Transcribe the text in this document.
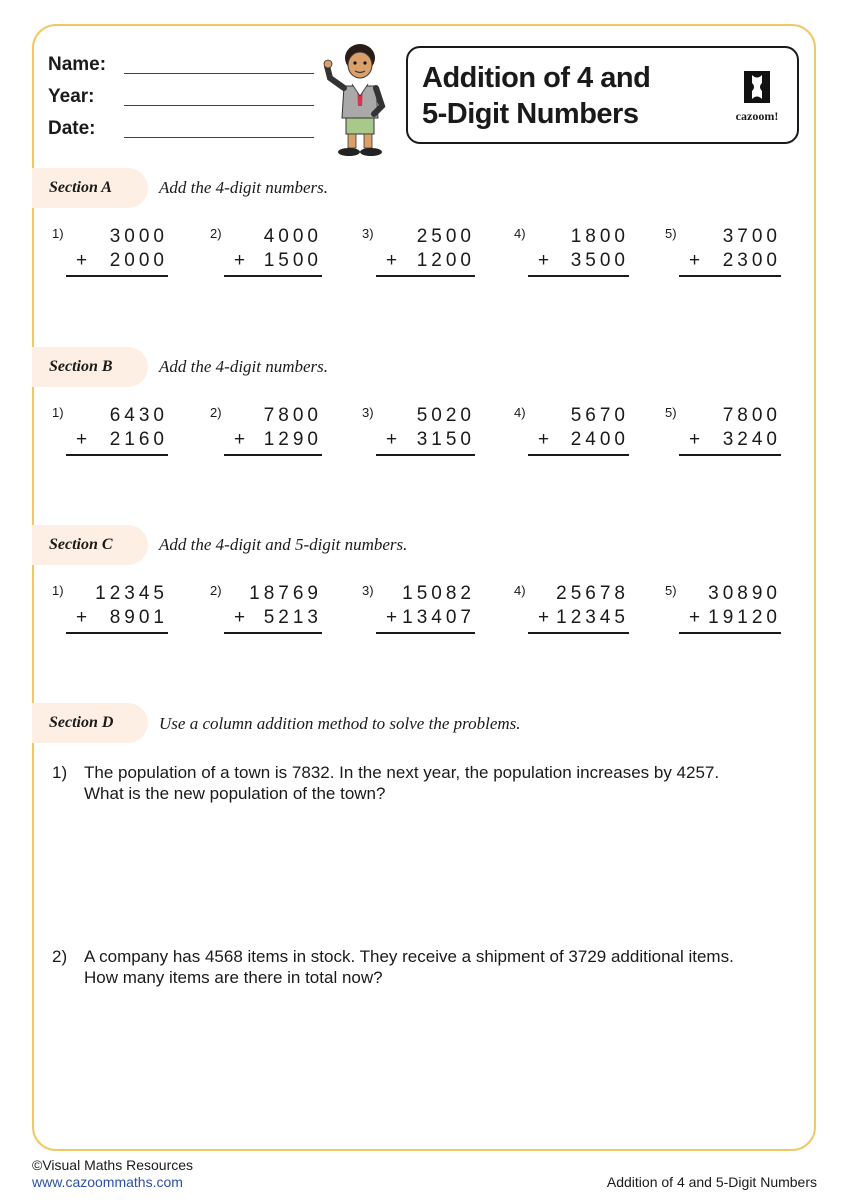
Name:
Year:
Date:
Addition of 4 and
5-Digit Numbers	cazoom!
Section A	Add the 4-digit numbers.
1) 3000
+ 2000
2) 4000
+ 1500
3) 2500
+ 1200
4) 1800
+ 3500
5) 3700
+ 2300
Section B	Add the 4-digit numbers.
1) 6430
+ 2160
2) 7800
+ 1290
3) 5020
+ 3150
4) 5670
+ 2400
5) 7800
+ 3240
Section C	Add the 4-digit and 5-digit numbers.
1) 12345
+ 8901
2) 18769
+ 5213
3) 15082
+ 13407
4) 25678
+ 12345
5) 30890
+ 19120
Section D	Use a column addition method to solve the problems.
1) The population of a town is 7832. In the next year, the population increases by 4257.
What is the new population of the town?
2) A company has 4568 items in stock. They receive a shipment of 3729 additional items.
How many items are there in total now?
©Visual Maths Resources
www.cazoommaths.com	Addition of 4 and 5-Digit Numbers
